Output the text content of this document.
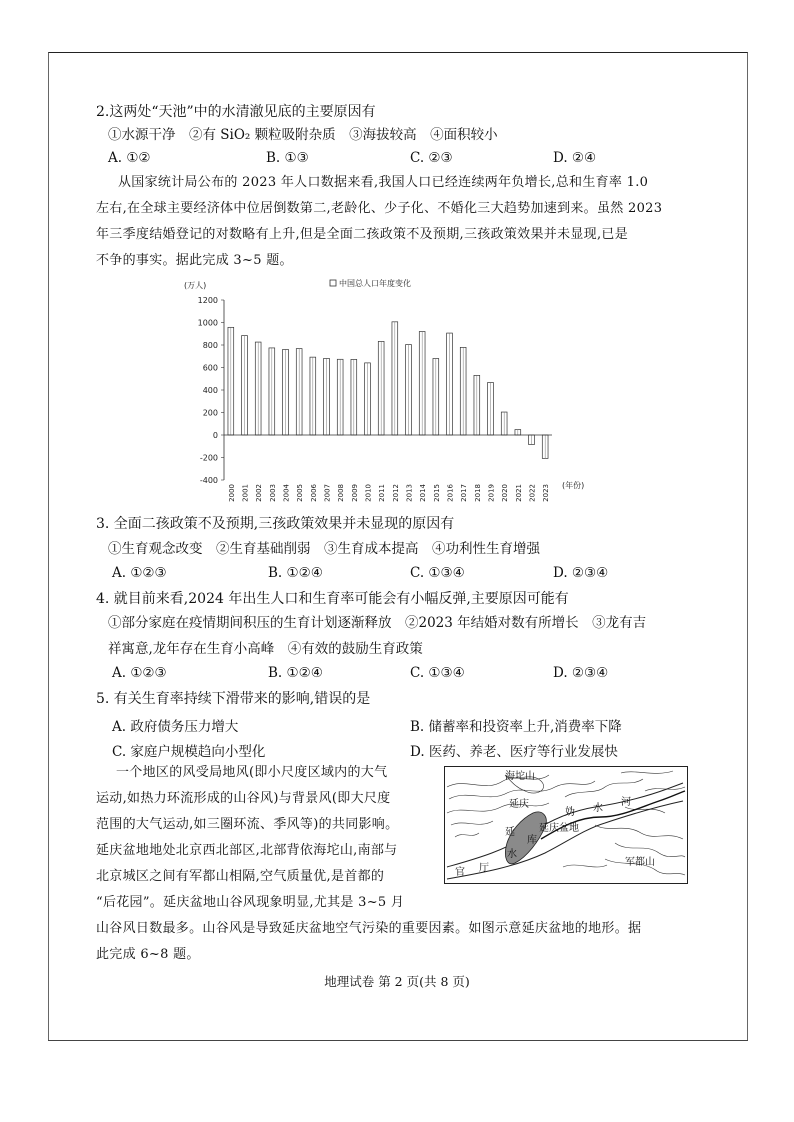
2.这两处“天池”中的水清澈见底的主要原因有
①水源干净　②有 SiO₂ 颗粒吸附杂质　③海拔较高　④面积较小
A. ①②	B. ①③	C. ②③	D. ②④
从国家统计局公布的 2023 年人口数据来看,我国人口已经连续两年负增长,总和生育率 1.0
左右,在全球主要经济体中位居倒数第二,老龄化、少子化、不婚化三大趋势加速到来。虽然 2023
年三季度结婚登记的对数略有上升,但是全面二孩政策不及预期,三孩政策效果并未显现,已是
不争的事实。据此完成 3~5 题。
(万人)	中国总人口年度变化
1200
1000
800
600
400
200
0
-200
-400
2000 2001 2002 2003 2004 2005 2006 2007 2008 2009 2010 2011 2012 2013 2014 2015 2016 2017 2018 2019 2020 2021 2022 2023 (年份)
3. 全面二孩政策不及预期,三孩政策效果并未显现的原因有
①生育观念改变　②生育基础削弱　③生育成本提高　④功利性生育增强
A. ①②③	B. ①②④	C. ①③④	D. ②③④
4. 就目前来看,2024 年出生人口和生育率可能会有小幅反弹,主要原因可能有
①部分家庭在疫情期间积压的生育计划逐渐释放　②2023 年结婚对数有所增长　③龙有吉
祥寓意,龙年存在生育小高峰　④有效的鼓励生育政策
A. ①②③	B. ①②④	C. ①③④	D. ②③④
5. 有关生育率持续下滑带来的影响,错误的是
A. 政府债务压力增大	B. 储蓄率和投资率上升,消费率下降
C. 家庭户规模趋向小型化	D. 医药、养老、医疗等行业发展快
一个地区的风受局地风(即小尺度区域内的大气
运动,如热力环流形成的山谷风)与背景风(即大尺度
范围的大气运动,如三圈环流、季风等)的共同影响。
延庆盆地地处北京西北部区,北部背依海坨山,南部与
北京城区之间有军都山相隔,空气质量优,是首都的
“后花园”。延庆盆地山谷风现象明显,尤其是 3~5 月
山谷风日数最多。山谷风是导致延庆盆地空气污染的重要因素。如图示意延庆盆地的地形。据
此完成 6~8 题。
海坨山
延庆
妫 水
河
延庆盆地
延
库
水
官 厅
军都山
地理试卷 第 2 页(共 8 页)
